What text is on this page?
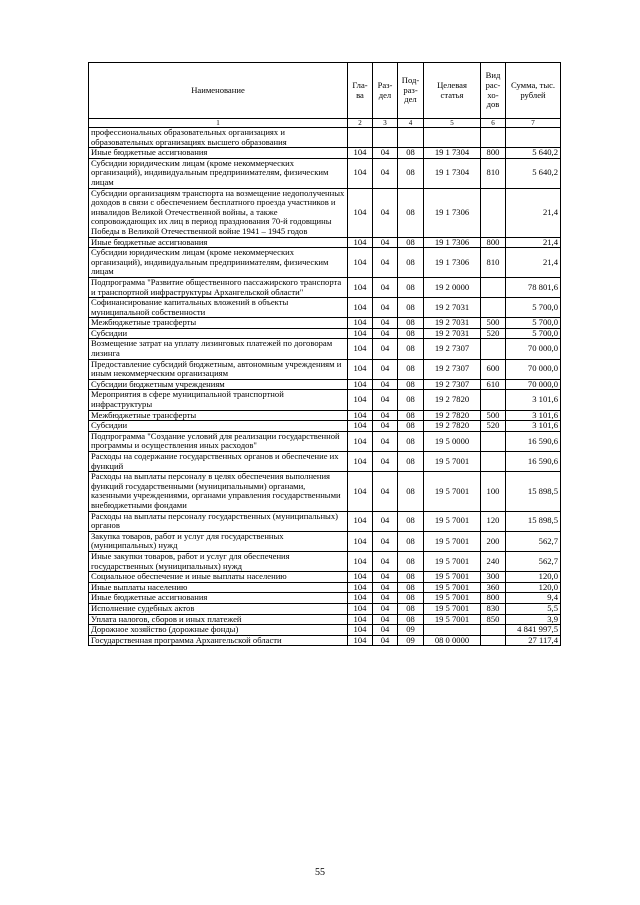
Наименование	Гла-ва	Раз-дел	Под-раз-дел	Целевая статья	Вид рас-хо-дов	Сумма, тыс. рублей
1	2	3	4	5	6	7
профессиональных образовательных организациях и образовательных организациях высшего образования						
Иные бюджетные ассигнования	104	04	08	19 1 7304	800	5 640,2
Субсидии юридическим лицам (кроме некоммерческих организаций), индивидуальным предпринимателям, физическим лицам	104	04	08	19 1 7304	810	5 640,2
Субсидии организациям транспорта на возмещение недополученных доходов в связи с обеспечением бесплатного проезда участников и инвалидов Великой Отечественной войны, а также сопровождающих их лиц в период празднования 70-й годовщины Победы в Великой Отечественной войне 1941 – 1945 годов	104	04	08	19 1 7306		21,4
Иные бюджетные ассигнования	104	04	08	19 1 7306	800	21,4
Субсидии юридическим лицам (кроме некоммерческих организаций), индивидуальным предпринимателям, физическим лицам	104	04	08	19 1 7306	810	21,4
Подпрограмма "Развитие общественного пассажирского транспорта и транспортной инфраструктуры Архангельской области"	104	04	08	19 2 0000		78 801,6
Софинансирование капитальных вложений в объекты муниципальной собственности	104	04	08	19 2 7031		5 700,0
Межбюджетные трансферты	104	04	08	19 2 7031	500	5 700,0
Субсидии	104	04	08	19 2 7031	520	5 700,0
Возмещение затрат на уплату лизинговых платежей по договорам лизинга	104	04	08	19 2 7307		70 000,0
Предоставление субсидий бюджетным, автономным учреждениям и иным некоммерческим организациям	104	04	08	19 2 7307	600	70 000,0
Субсидии бюджетным учреждениям	104	04	08	19 2 7307	610	70 000,0
Мероприятия в сфере муниципальной транспортной инфраструктуры	104	04	08	19 2 7820		3 101,6
Межбюджетные трансферты	104	04	08	19 2 7820	500	3 101,6
Субсидии	104	04	08	19 2 7820	520	3 101,6
Подпрограмма "Создание условий для реализации государственной программы и осуществления иных расходов"	104	04	08	19 5 0000		16 590,6
Расходы на содержание государственных органов и обеспечение их функций	104	04	08	19 5 7001		16 590,6
Расходы на выплаты персоналу в целях обеспечения выполнения функций государственными (муниципальными) органами, казенными учреждениями, органами управления государственными внебюджетными фондами	104	04	08	19 5 7001	100	15 898,5
Расходы на выплаты персоналу государственных (муниципальных) органов	104	04	08	19 5 7001	120	15 898,5
Закупка товаров, работ и услуг для государственных (муниципальных) нужд	104	04	08	19 5 7001	200	562,7
Иные закупки товаров, работ и услуг для обеспечения государственных (муниципальных) нужд	104	04	08	19 5 7001	240	562,7
Социальное обеспечение и иные выплаты населению	104	04	08	19 5 7001	300	120,0
Иные выплаты населению	104	04	08	19 5 7001	360	120,0
Иные бюджетные ассигнования	104	04	08	19 5 7001	800	9,4
Исполнение судебных актов	104	04	08	19 5 7001	830	5,5
Уплата налогов, сборов и иных платежей	104	04	08	19 5 7001	850	3,9
Дорожное хозяйство (дорожные фонды)	104	04	09			4 841 997,5
Государственная программа Архангельской области	104	04	09	08 0 0000		27 117,4
55
